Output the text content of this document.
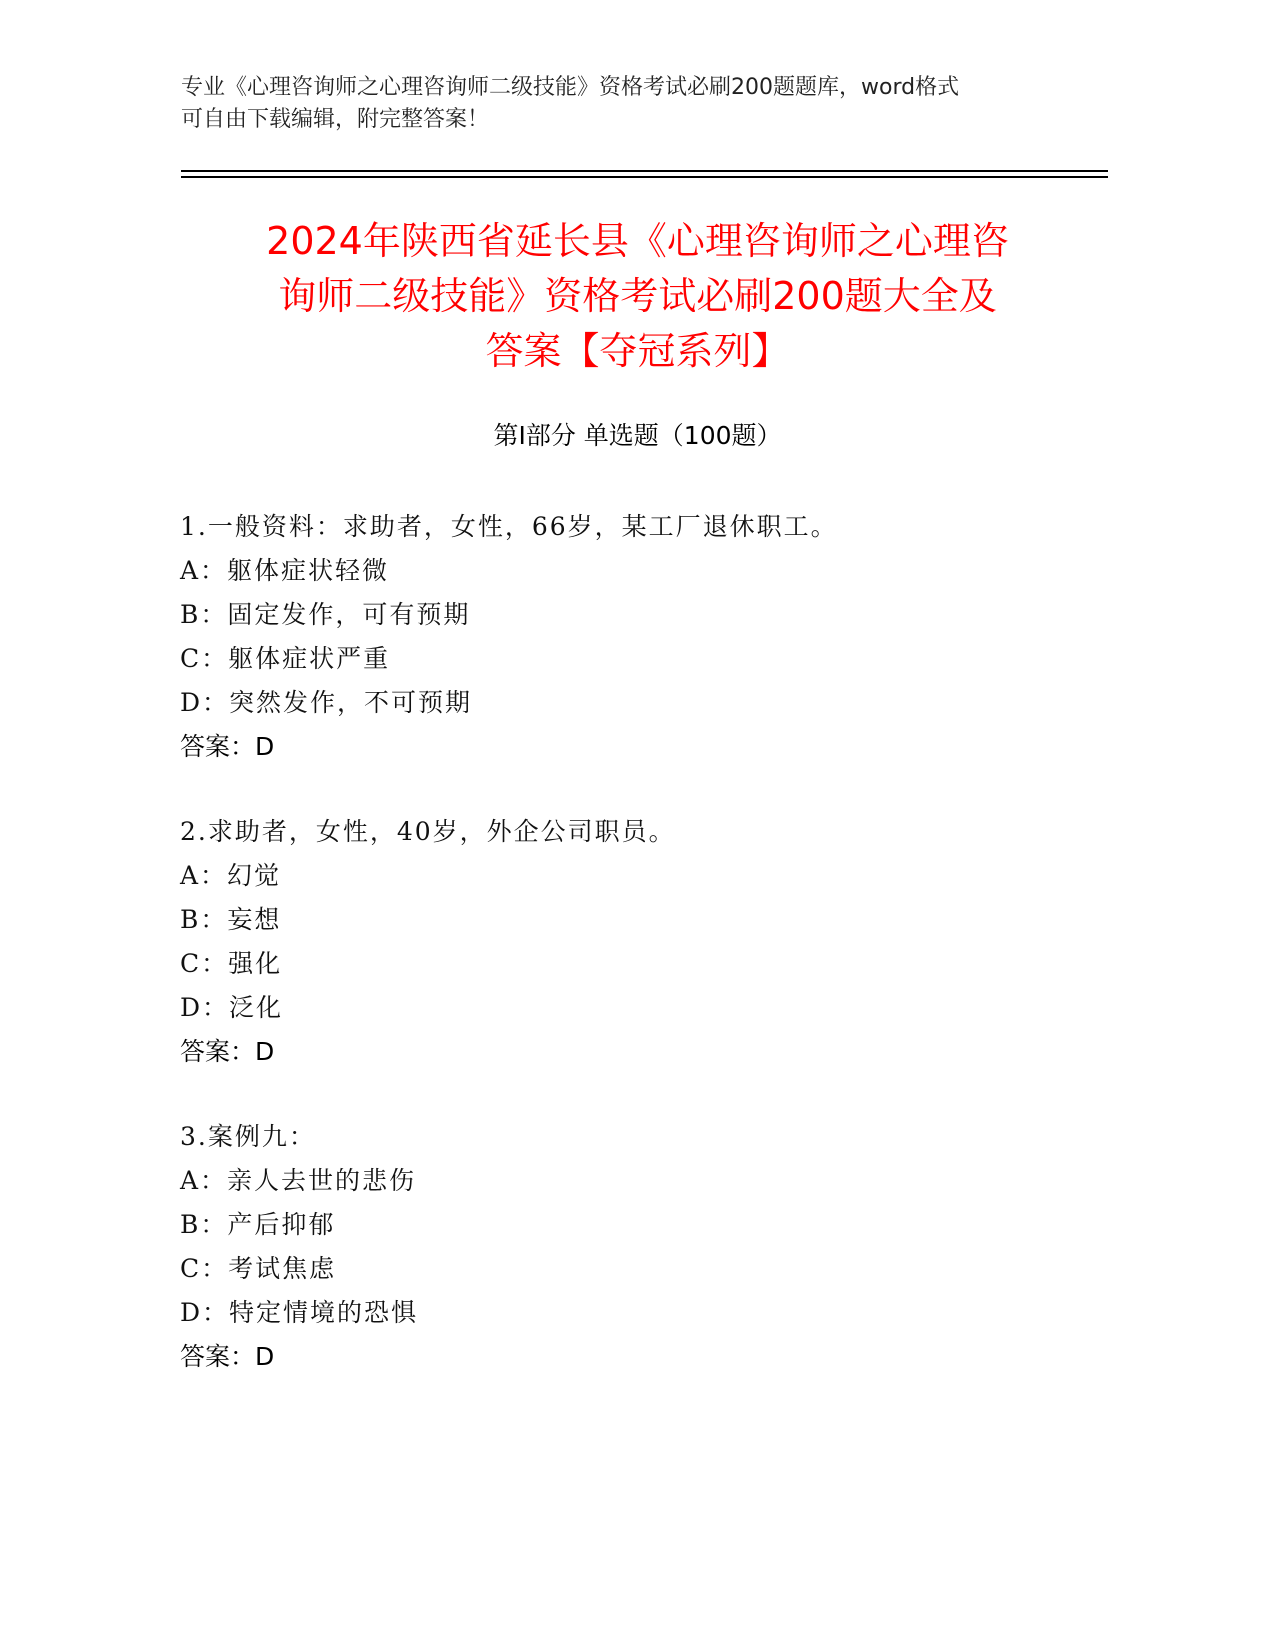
专业《心理咨询师之心理咨询师二级技能》资格考试必刷200题题库，word格式
可自由下载编辑，附完整答案！
2024年陕西省延长县《心理咨询师之心理咨
询师二级技能》资格考试必刷200题大全及
答案【夺冠系列】
第Ⅰ部分 单选题（100题）
1.一般资料：求助者，女性，66岁，某工厂退休职工。
A：躯体症状轻微
B：固定发作，可有预期
C：躯体症状严重
D：突然发作，不可预期
答案：D
2.求助者，女性，40岁，外企公司职员。
A：幻觉
B：妄想
C：强化
D：泛化
答案：D
3.案例九：
A：亲人去世的悲伤
B：产后抑郁
C：考试焦虑
D：特定情境的恐惧
答案：D
